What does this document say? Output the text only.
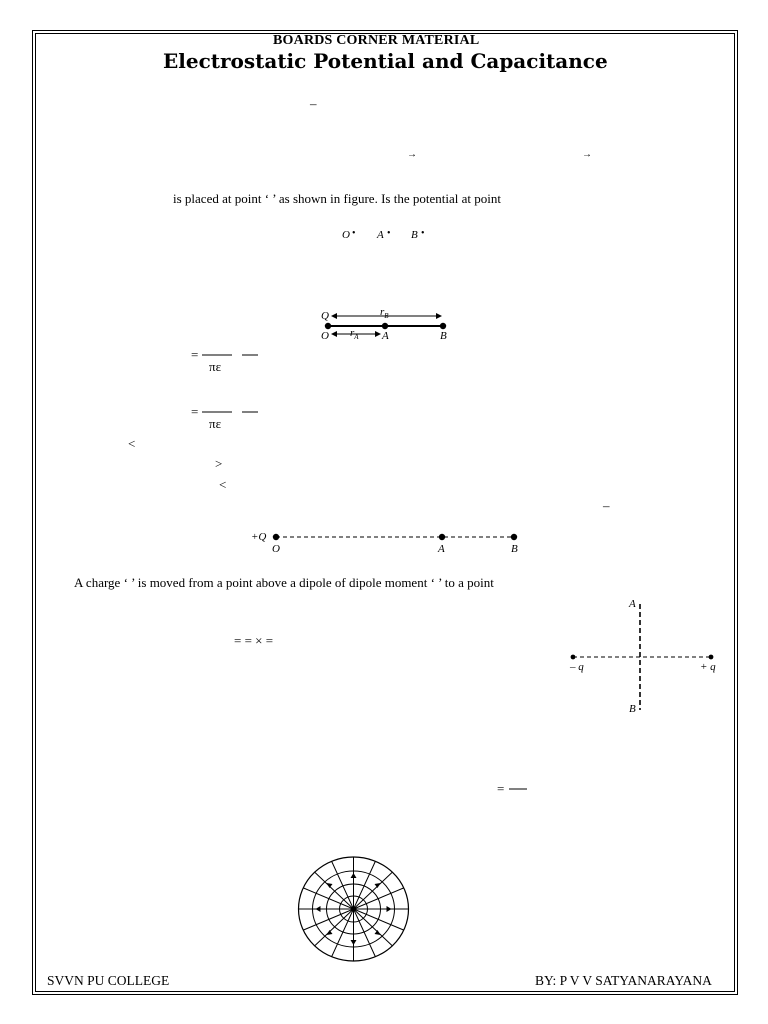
BOARDS CORNER MATERIAL
Electrostatic Potential and Capacitance
–
→	→
is placed at point ‘ ’ as shown in figure. Is the potential at point
O • A • B •
Q	$r_B$
O $r_A$ A	B
=
πε
=
πε
<
>
<
–
+Q
O	A	B
A charge ‘ ’ is moved from a point above a dipole of dipole moment ‘ ’ to a point
= = × =
A
B
– q	+ q
=
SVVN PU COLLEGE	BY: P V V SATYANARAYANA
